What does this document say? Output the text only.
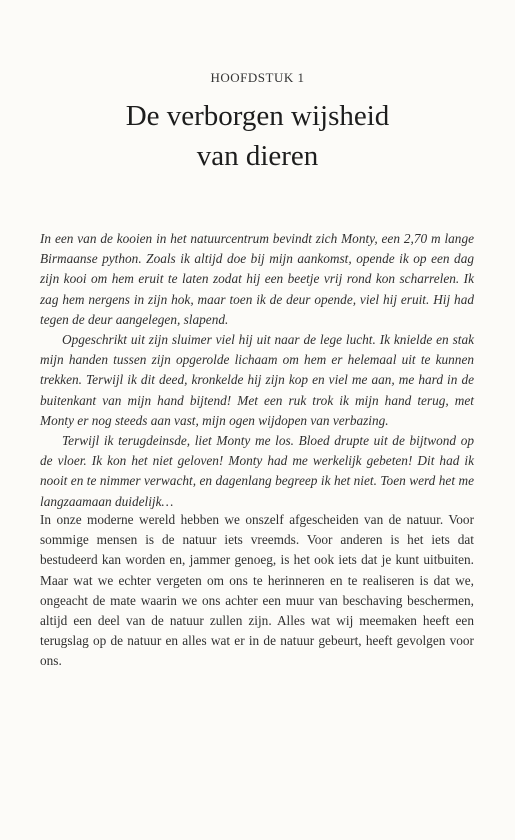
HOOFDSTUK 1
De verborgen wijsheid
van dieren

In een van de kooien in het natuurcentrum bevindt zich Monty, een 2,70 m lange Birmaanse python. Zoals ik altijd doe bij mijn aankomst, opende ik op een dag zijn kooi om hem eruit te laten zodat hij een beetje vrij rond kon scharrelen. Ik zag hem nergens in zijn hok, maar toen ik de deur opende, viel hij eruit. Hij had tegen de deur aangelegen, slapend.

Opgeschrikt uit zijn sluimer viel hij uit naar de lege lucht. Ik knielde en stak mijn handen tussen zijn opgerolde lichaam om hem er helemaal uit te kunnen trekken. Terwijl ik dit deed, kronkelde hij zijn kop en viel me aan, me hard in de buitenkant van mijn hand bijtend! Met een ruk trok ik mijn hand terug, met Monty er nog steeds aan vast, mijn ogen wijdopen van verbazing.

Terwijl ik terugdeinsde, liet Monty me los. Bloed drupte uit de bijtwond op de vloer. Ik kon het niet geloven! Monty had me werkelijk gebeten! Dit had ik nooit en te nimmer verwacht, en dagenlang begreep ik het niet. Toen werd het me langzaamaan duidelijk…

In onze moderne wereld hebben we onszelf afgescheiden van de natuur. Voor sommige mensen is de natuur iets vreemds. Voor anderen is het iets dat bestudeerd kan worden en, jammer genoeg, is het ook iets dat je kunt uitbuiten. Maar wat we echter vergeten om ons te herinneren en te realiseren is dat we, ongeacht de mate waarin we ons achter een muur van beschaving beschermen, altijd een deel van de natuur zullen zijn. Alles wat wij meemaken heeft een terugslag op de natuur en alles wat er in de natuur gebeurt, heeft gevolgen voor ons.
